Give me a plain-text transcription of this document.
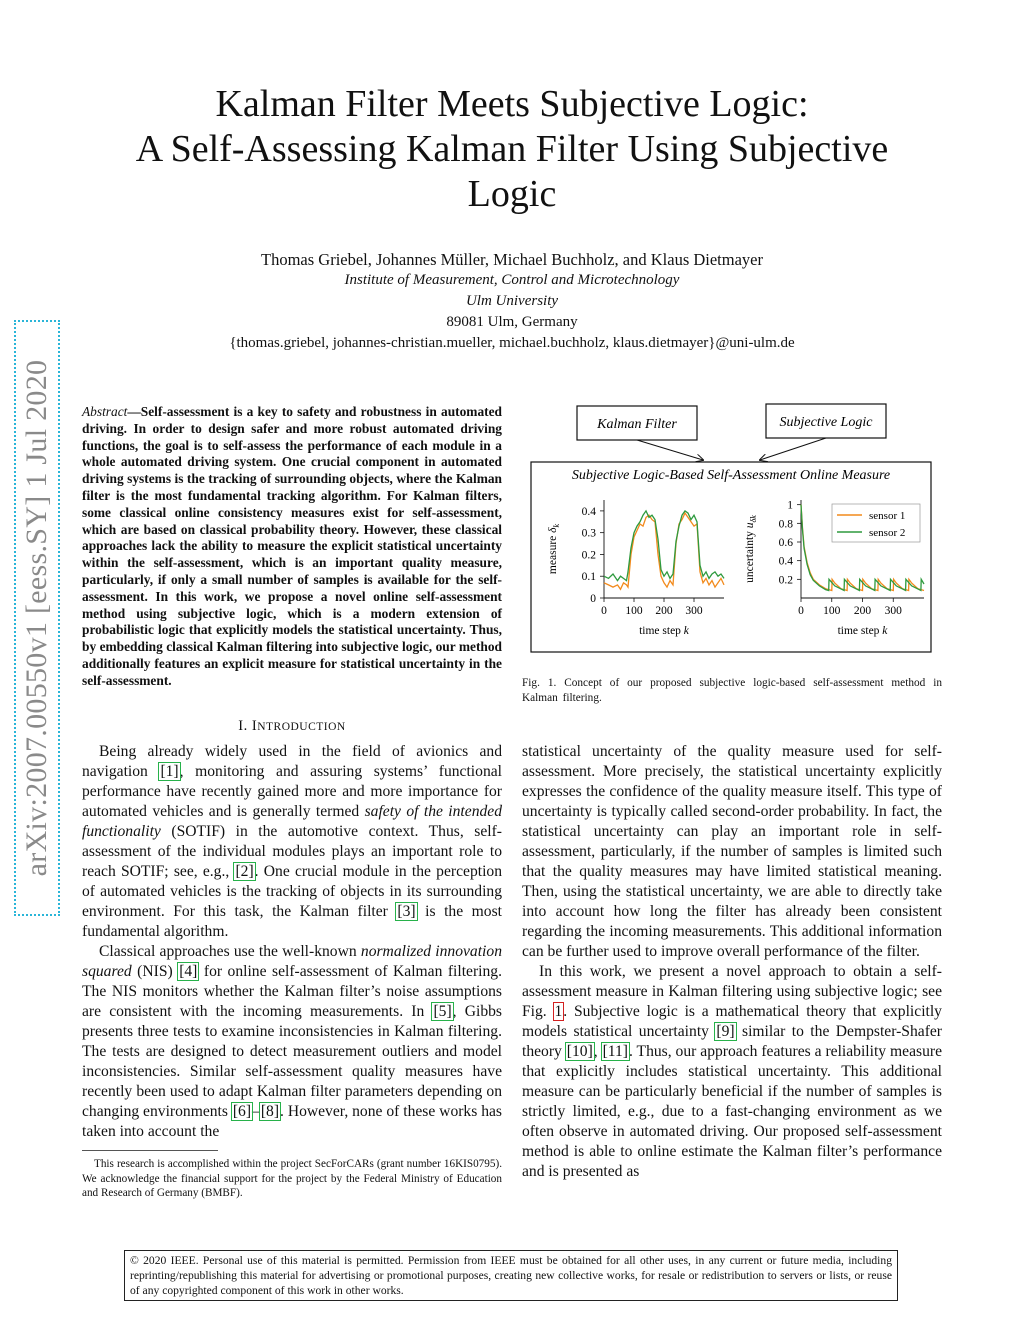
Kalman Filter Meets Subjective Logic:
A Self-Assessing Kalman Filter Using Subjective
Logic
Thomas Griebel, Johannes Müller, Michael Buchholz, and Klaus Dietmayer
Institute of Measurement, Control and Microtechnology
Ulm University
89081 Ulm, Germany
{thomas.griebel, johannes-christian.mueller, michael.buchholz, klaus.dietmayer}@uni-ulm.de
arXiv:2007.00550v1 [eess.SY] 1 Jul 2020 Abstract—Self-assessment is a key to safety and robustness in automated driving. In order to design safer and more robust automated driving functions, the goal is to self-assess the performance of each module in a whole automated driving system. One crucial component in automated driving systems is the tracking of surrounding objects, where the Kalman filter is the most fundamental tracking algorithm. For Kalman filters, some classical online consistency measures exist for self-assessment, which are based on classical probability theory. However, these classical approaches lack the ability to measure the explicit statistical uncertainty within the self-assessment, which is an important quality measure, particularly, if only a small number of samples is available for the self-assessment. In this work, we propose a novel online self-assessment method using subjective logic, which is a modern extension of probabilistic logic that explicitly models the statistical uncertainty. Thus, by embedding classical Kalman filtering into subjective logic, our method additionally features an explicit measure for statistical uncertainty in the self-assessment.
I. INTRODUCTION

Being already widely used in the field of avionics and navigation [1], monitoring and assuring systems’ functional performance have recently gained more and more importance for automated vehicles and is generally termed safety of the intended functionality (SOTIF) in the automotive context. Thus, self-assessment of the individual modules plays an important role to reach SOTIF; see, e.g., [2]. One crucial module in the perception of automated vehicles is the tracking of objects in its surrounding environment. For this task, the Kalman filter [3] is the most fundamental algorithm.

Classical approaches use the well-known normalized innovation squared (NIS) [4] for online self-assessment of Kalman filtering. The NIS monitors whether the Kalman filter’s noise assumptions are consistent with the incoming measurements. In [5], Gibbs presents three tests to examine inconsistencies in Kalman filtering. The tests are designed to detect measurement outliers and model inconsistencies. Similar self-assessment quality measures have recently been used to adapt Kalman filter parameters depending on changing environments [6]–[8]. However, none of these works has taken into account the

This research is accomplished within the project SecForCARs (grant number 16KIS0795). We acknowledge the financial support for the project by the Federal Ministry of Education and Research of Germany (BMBF).

statistical uncertainty of the quality measure used for self-assessment. More precisely, the statistical uncertainty explicitly expresses the confidence of the quality measure itself. This type of uncertainty is typically called second-order probability. In fact, the statistical uncertainty can play an important role in self-assessment, particularly, if the number of samples is limited such that the quality measures may have limited statistical meaning. Then, using the statistical uncertainty, we are able to directly take into account how long the filter has already been consistent regarding the incoming measurements. This additional information can be further used to improve overall performance of the filter.

In this work, we present a novel approach to obtain a self-assessment measure in Kalman filtering using subjective logic; see Fig. 1. Subjective logic is a mathematical theory that explicitly models statistical uncertainty [9] similar to the Dempster-Shafer theory [10], [11]. Thus, our approach features a reliability measure that explicitly includes statistical uncertainty. This additional measure can be particularly beneficial if the number of samples is strictly limited, e.g., due to a fast-changing environment as we often observe in automated driving. Our proposed self-assessment method is able to online estimate the Kalman filter’s performance and is presented as

Kalman Filter	Subjective Logic
Subjective Logic-Based Self-Assessment Online Measure
0 100 200 300
0
0.1
0.2
0.3
0.4
time step k
measure $\delta_k$
0 100 200 300
0.2
0.4
0.6
0.8
1
time step k
uncertainty $u_{\delta k}$	sensor 1
sensor 2
Fig. 1. Concept of our proposed subjective logic-based self-assessment method in Kalman filtering.
© 2020 IEEE. Personal use of this material is permitted. Permission from IEEE must be obtained for all other uses, in any current or future media, including reprinting/republishing this material for advertising or promotional purposes, creating new collective works, for resale or redistribution to servers or lists, or reuse of any copyrighted component of this work in other works.
